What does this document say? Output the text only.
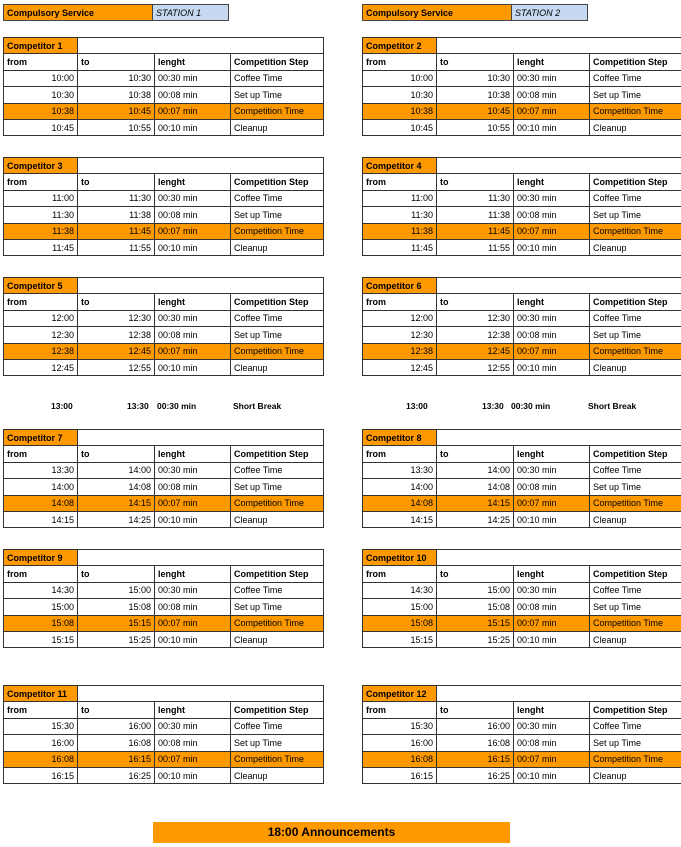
Compulsory Service	STATION 1	Compulsory Service	STATION 2
Competitor 1			
from	to	lenght	Competition Step
10:00	10:30	00:30 min	Coffee Time
10:30	10:38	00:08 min	Set up Time
10:38	10:45	00:07 min	Competition Time
10:45	10:55	00:10 min	Cleanup
Competitor 2			
from	to	lenght	Competition Step
10:00	10:30	00:30 min	Coffee Time
10:30	10:38	00:08 min	Set up Time
10:38	10:45	00:07 min	Competition Time
10:45	10:55	00:10 min	Cleanup
Competitor 3			
from	to	lenght	Competition Step
11:00	11:30	00:30 min	Coffee Time
11:30	11:38	00:08 min	Set up Time
11:38	11:45	00:07 min	Competition Time
11:45	11:55	00:10 min	Cleanup
Competitor 4			
from	to	lenght	Competition Step
11:00	11:30	00:30 min	Coffee Time
11:30	11:38	00:08 min	Set up Time
11:38	11:45	00:07 min	Competition Time
11:45	11:55	00:10 min	Cleanup
Competitor 5			
from	to	lenght	Competition Step
12:00	12:30	00:30 min	Coffee Time
12:30	12:38	00:08 min	Set up Time
12:38	12:45	00:07 min	Competition Time
12:45	12:55	00:10 min	Cleanup
Competitor 6			
from	to	lenght	Competition Step
12:00	12:30	00:30 min	Coffee Time
12:30	12:38	00:08 min	Set up Time
12:38	12:45	00:07 min	Competition Time
12:45	12:55	00:10 min	Cleanup
Competitor 7			
from	to	lenght	Competition Step
13:30	14:00	00:30 min	Coffee Time
14:00	14:08	00:08 min	Set up Time
14:08	14:15	00:07 min	Competition Time
14:15	14:25	00:10 min	Cleanup
Competitor 8			
from	to	lenght	Competition Step
13:30	14:00	00:30 min	Coffee Time
14:00	14:08	00:08 min	Set up Time
14:08	14:15	00:07 min	Competition Time
14:15	14:25	00:10 min	Cleanup
Competitor 9			
from	to	lenght	Competition Step
14:30	15:00	00:30 min	Coffee Time
15:00	15:08	00:08 min	Set up Time
15:08	15:15	00:07 min	Competition Time
15:15	15:25	00:10 min	Cleanup
Competitor 10			
from	to	lenght	Competition Step
14:30	15:00	00:30 min	Coffee Time
15:00	15:08	00:08 min	Set up Time
15:08	15:15	00:07 min	Competition Time
15:15	15:25	00:10 min	Cleanup
Competitor 11			
from	to	lenght	Competition Step
15:30	16:00	00:30 min	Coffee Time
16:00	16:08	00:08 min	Set up Time
16:08	16:15	00:07 min	Competition Time
16:15	16:25	00:10 min	Cleanup
Competitor 12			
from	to	lenght	Competition Step
15:30	16:00	00:30 min	Coffee Time
16:00	16:08	00:08 min	Set up Time
16:08	16:15	00:07 min	Competition Time
16:15	16:25	00:10 min	Cleanup
13:00	13:30 00:30 min	Short Break	13:00	13:30 00:30 min	Short Break
18:00 Announcements
